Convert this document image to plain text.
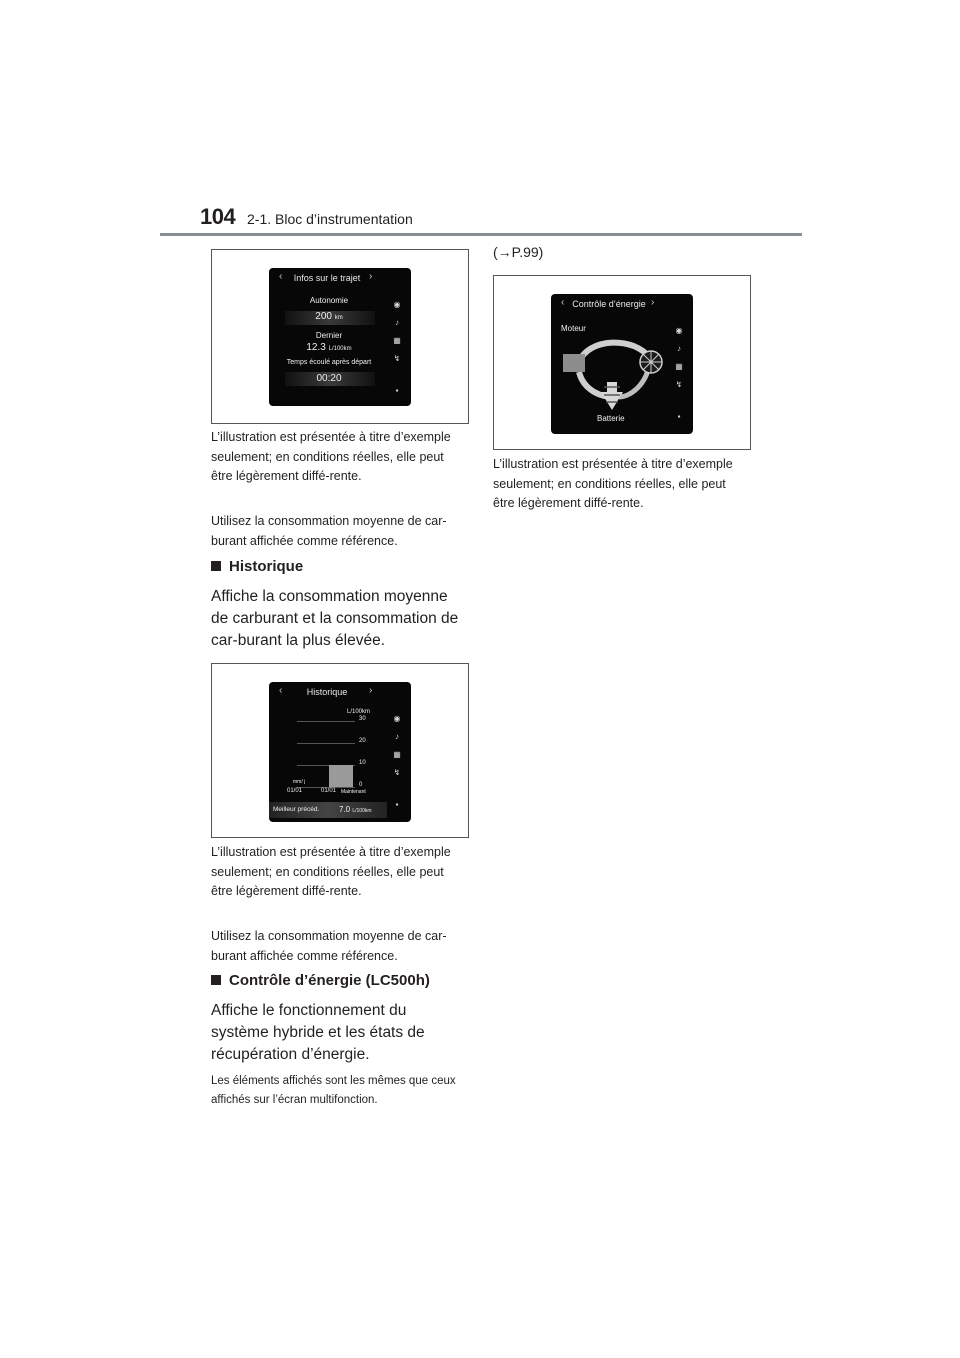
104 2-1. Bloc d’instrumentation
‹	Infos sur le trajet ›
Autonomie
200 km
Dernier
12.3 L/100km
Temps écoulé après départ
00:20
◉
♪
▦
↯
▪
L’illustration est présentée à titre d’exemple seulement; en conditions réelles, elle peut être légèrement diffé-rente.
Utilisez la consommation moyenne de car-burant affichée comme référence.
Historique
Affiche la consommation moyenne de carburant et la consommation de car-burant la plus élevée.
‹	Historique	›
L/100km
30
20
10
0
mm/ j
01/01	01/01 Maintenant
Meilleur précéd. 7.0 L/100km
◉
♪
▦
↯
▪
L’illustration est présentée à titre d’exemple seulement; en conditions réelles, elle peut être légèrement diffé-rente.
Utilisez la consommation moyenne de car-burant affichée comme référence.
Contrôle d’énergie (LC500h)
Affiche le fonctionnement du système hybride et les états de récupération d’énergie.
Les éléments affichés sont les mêmes que ceux affichés sur l’écran multifonction.
(→P.99)
‹ Contrôle d’énergie ›
Moteur
Batterie
◉
♪
▦
↯
▪
L’illustration est présentée à titre d’exemple seulement; en conditions réelles, elle peut être légèrement diffé-rente.
